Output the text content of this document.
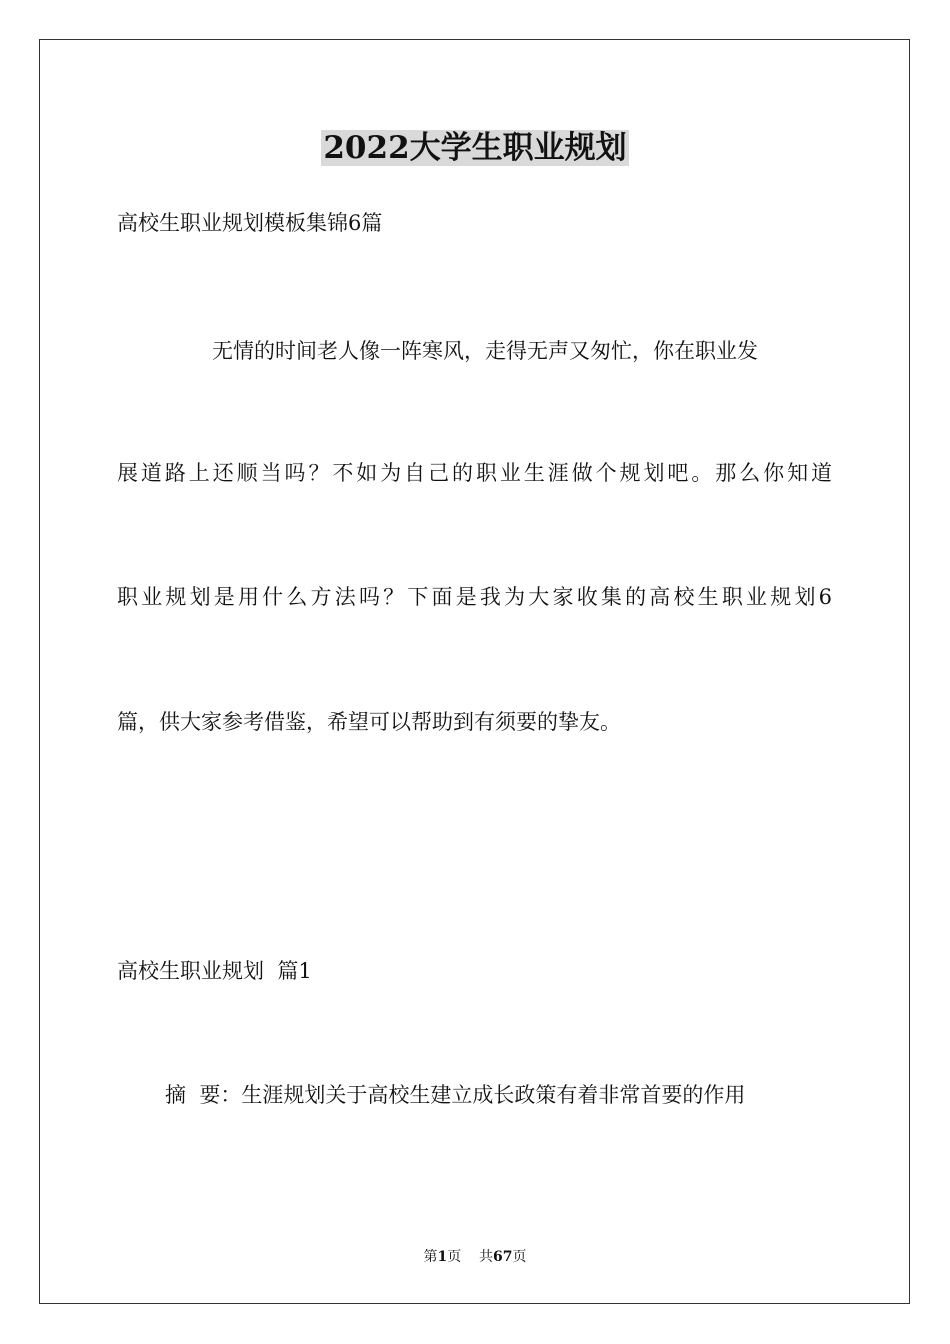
2022大学生职业规划
高校生职业规划模板集锦6篇
无情的时间老人像一阵寒风，走得无声又匆忙，你在职业发
展道路上还顺当吗？不如为自己的职业生涯做个规划吧。那么你知道
职业规划是用什么方法吗？下面是我为大家收集的高校生职业规划6
篇，供大家参考借鉴，希望可以帮助到有须要的挚友。
高校生职业规划  篇1
摘  要：生涯规划关于高校生建立成长政策有着非常首要的作用
第1页 共67页
